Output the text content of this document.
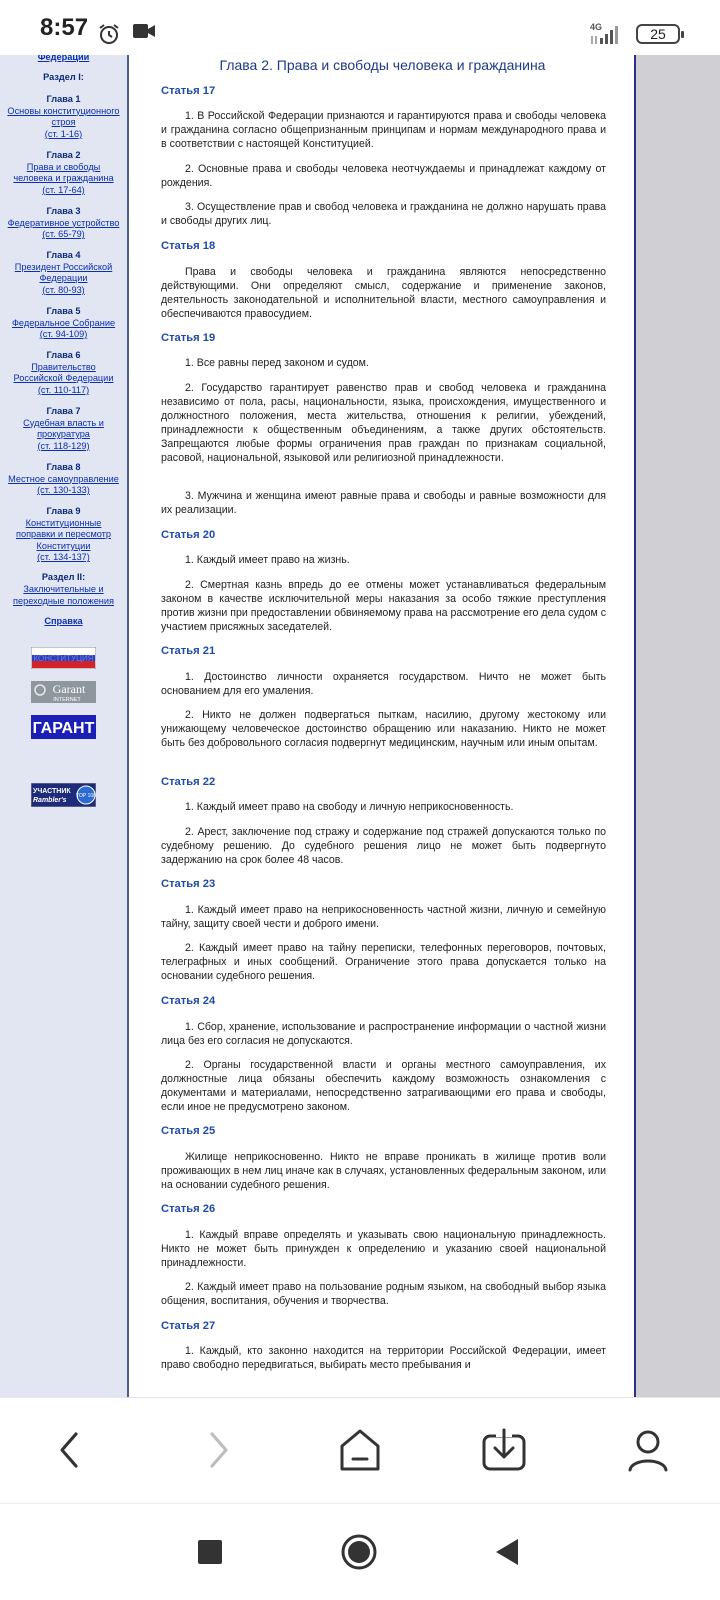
8:57	4G	25
Федерации
Раздел I:
Глава 1
Основы конституционного строя
(ст. 1-16)
Глава 2
Права и свободы человека и гражданина
(ст. 17-64)
Глава 3
Федеративное устройство
(ст. 65-79)
Глава 4
Президент Российской Федерации
(ст. 80-93)
Глава 5
Федеральное Собрание
(ст. 94-109)
Глава 6
Правительство Российской Федерации
(ст. 110-117)
Глава 7
Судебная власть и прокуратура
(ст. 118-129)
Глава 8
Местное самоуправление
(ст. 130-133)
Глава 9
Конституционные поправки и пересмотр Конституции
(ст. 134-137)
Раздел II:
Заключительные и переходные положения
Справка
КОНСТИТУЦИЯ
Garant
INTERNET
ГАРАНТ
УЧАСТНИК
Rambler's
TOP 100
Глава 2. Права и свободы человека и гражданина
Статья 17
1. В Российской Федерации признаются и гарантируются права и свободы человека и гражданина согласно общепризнанным принципам и нормам международного права и в соответствии с настоящей Конституцией.
2. Основные права и свободы человека неотчуждаемы и принадлежат каждому от рождения.
3. Осуществление прав и свобод человека и гражданина не должно нарушать права и свободы других лиц.
Статья 18
Права и свободы человека и гражданина являются непосредственно действующими. Они определяют смысл, содержание и применение законов, деятельность законодательной и исполнительной власти, местного самоуправления и обеспечиваются правосудием.
Статья 19
1. Все равны перед законом и судом.
2. Государство гарантирует равенство прав и свобод человека и гражданина независимо от пола, расы, национальности, языка, происхождения, имущественного и должностного положения, места жительства, отношения к религии, убеждений, принадлежности к общественным объединениям, а также других обстоятельств. Запрещаются любые формы ограничения прав граждан по признакам социальной, расовой, национальной, языковой или религиозной принадлежности.
3. Мужчина и женщина имеют равные права и свободы и равные возможности для их реализации.
Статья 20
1. Каждый имеет право на жизнь.
2. Смертная казнь впредь до ее отмены может устанавливаться федеральным законом в качестве исключительной меры наказания за особо тяжкие преступления против жизни при предоставлении обвиняемому права на рассмотрение его дела судом с участием присяжных заседателей.
Статья 21
1. Достоинство личности охраняется государством. Ничто не может быть основанием для его умаления.
2. Никто не должен подвергаться пыткам, насилию, другому жестокому или унижающему человеческое достоинство обращению или наказанию. Никто не может быть без добровольного согласия подвергнут медицинским, научным или иным опытам.
Статья 22
1. Каждый имеет право на свободу и личную неприкосновенность.
2. Арест, заключение под стражу и содержание под стражей допускаются только по судебному решению. До судебного решения лицо не может быть подвергнуто задержанию на срок более 48 часов.
Статья 23
1. Каждый имеет право на неприкосновенность частной жизни, личную и семейную тайну, защиту своей чести и доброго имени.
2. Каждый имеет право на тайну переписки, телефонных переговоров, почтовых, телеграфных и иных сообщений. Ограничение этого права допускается только на основании судебного решения.
Статья 24
1. Сбор, хранение, использование и распространение информации о частной жизни лица без его согласия не допускаются.
2. Органы государственной власти и органы местного самоуправления, их должностные лица обязаны обеспечить каждому возможность ознакомления с документами и материалами, непосредственно затрагивающими его права и свободы, если иное не предусмотрено законом.
Статья 25
Жилище неприкосновенно. Никто не вправе проникать в жилище против воли проживающих в нем лиц иначе как в случаях, установленных федеральным законом, или на основании судебного решения.
Статья 26
1. Каждый вправе определять и указывать свою национальную принадлежность. Никто не может быть принужден к определению и указанию своей национальной принадлежности.
2. Каждый имеет право на пользование родным языком, на свободный выбор языка общения, воспитания, обучения и творчества.
Статья 27
1. Каждый, кто законно находится на территории Российской Федерации, имеет право свободно передвигаться, выбирать место пребывания и
